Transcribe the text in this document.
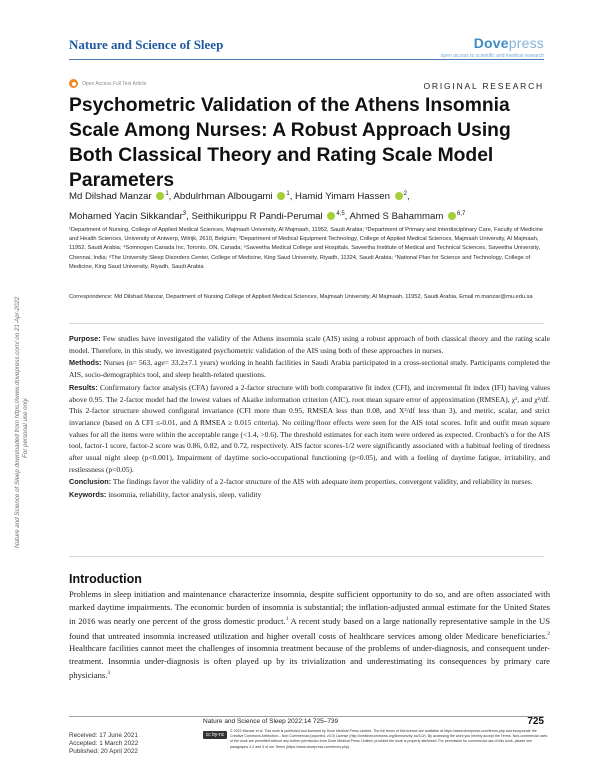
Nature and Science of Sleep	Dovepress
open access to scientific and medical research
Open Access Full Text Article	ORIGINAL RESEARCH
Psychometric Validation of the Athens Insomnia Scale Among Nurses: A Robust Approach Using Both Classical Theory and Rating Scale Model Parameters
Md Dilshad Manzar $^1$, Abdulrhman Albougami $^1$, Hamid Yimam Hassen $^2$,
Mohamed Yacin Sikkandar$^3$, Seithikurippu R Pandi-Perumal $^{4,5}$, Ahmed S Bahammam $^{6,7}$
¹Department of Nursing, College of Applied Medical Sciences, Majmaah University, Al Majmaah, 11952, Saudi Arabia; ²Department of Primary and Interdisciplinary Care, Faculty of Medicine and Health Sciences, University of Antwerp, Wilrijk, 2610, Belgium; ³Department of Medical Equipment Technology, College of Applied Medical Sciences, Majmaah University, Al Majmaah, 11952, Saudi Arabia; ⁴Somnogen Canada Inc, Toronto, ON, Canada; ⁵Saveetha Medical College and Hospitals, Saveetha Institute of Medical and Technical Sciences, Saveetha University, Chennai, India; ⁶The University Sleep Disorders Center, College of Medicine, King Saud University, Riyadh, 11324, Saudi Arabia; ⁷National Plan for Science and Technology, College of Medicine, King Saud University, Riyadh, Saudi Arabia
Correspondence: Md Dilshad Manzar, Department of Nursing College of Applied Medical Sciences, Majmaah University, Al Majmaah, 11952, Saudi Arabia, Email m.manzar@mu.edu.sa

Purpose: Few studies have investigated the validity of the Athens insomnia scale (AIS) using a robust approach of both classical theory and the rating scale model. Therefore, in this study, we investigated psychometric validation of the AIS using both of these approaches in nurses.

Methods: Nurses (n= 563, age= 33.2±7.1 years) working in health facilities in Saudi Arabia participated in a cross-sectional study. Participants completed the AIS, socio-demographics tool, and sleep health-related questions.

Results: Confirmatory factor analysis (CFA) favored a 2-factor structure with both comparative fit index (CFI), and incremental fit index (IFI) having values above 0.95. The 2-factor model had the lowest values of Akaike information criterion (AIC), root mean square error of approximation (RMSEA), χ², and χ²/df. This 2-factor structure showed configural invariance (CFI more than 0.95, RMSEA less than 0.08, and X²/df less than 3), and metric, scalar, and strict invariance (based on Δ CFI ≤-0.01, and Δ RMSEA ≥ 0.015 criteria). No ceiling/floor effects were seen for the AIS total scores. Infit and outfit mean square values for all the items were within the acceptable range (<1.4, >0.6). The threshold estimates for each item were ordered as expected. Cronbach's α for the AIS tool, factor-1 score, factor-2 score was 0.86, 0.82, and 0.72, respectively. AIS factor scores-1/2 were significantly associated with a habitual feeling of tiredness after usual night sleep (p<0.001), Impairment of daytime socio-occupational functioning (p<0.05), and with a feeling of daytime fatigue, irritability, and restlessness (p<0.05).

Conclusion: The findings favor the validity of a 2-factor structure of the AIS with adequate item properties, convergent validity, and reliability in nurses.

Keywords: insomnia, reliability, factor analysis, sleep, validity

Introduction
Problems in sleep initiation and maintenance characterize insomnia, despite sufficient opportunity to do so, and are often associated with marked daytime impairments. The economic burden of insomnia is substantial; the inflation-adjusted annual estimate for the United States in 2016 was nearly one percent of the gross domestic product.$^1$ A recent study based on a large nationally representative sample in the US found that untreated insomnia increased utilization and higher overall costs of healthcare services among older Medicare beneficiaries.$^2$ Healthcare facilities cannot meet the challenges of insomnia treatment because of the problems of under-diagnosis, and consequent under-treatment. Insomnia under-diagnosis is often played up by its trivialization and underestimating its consequences by primary care physicians.$^3$
Nature and Science of Sleep downloaded from https://www.dovepress.com/ on 21-Apr-2022 For personal use only.
Received: 17 June 2021
Accepted: 1 March 2022
Published: 20 April 2022
Nature and Science of Sleep 2022:14 725–739	725
cc by-nc
© 2022 Manzar et al. This work is published and licensed by Dove Medical Press Limited. The full terms of this license are available at https://www.dovepress.com/terms.php and incorporate the Creative Commons Attribution – Non Commercial (unported, v3.0) License (http://creativecommons.org/licenses/by-nc/3.0/). By accessing the work you hereby accept the Terms. Non-commercial uses of the work are permitted without any further permission from Dove Medical Press Limited, provided the work is properly attributed. For permission for commercial use of this work, please see paragraphs 4.2 and 5 of our Terms (https://www.dovepress.com/terms.php).
